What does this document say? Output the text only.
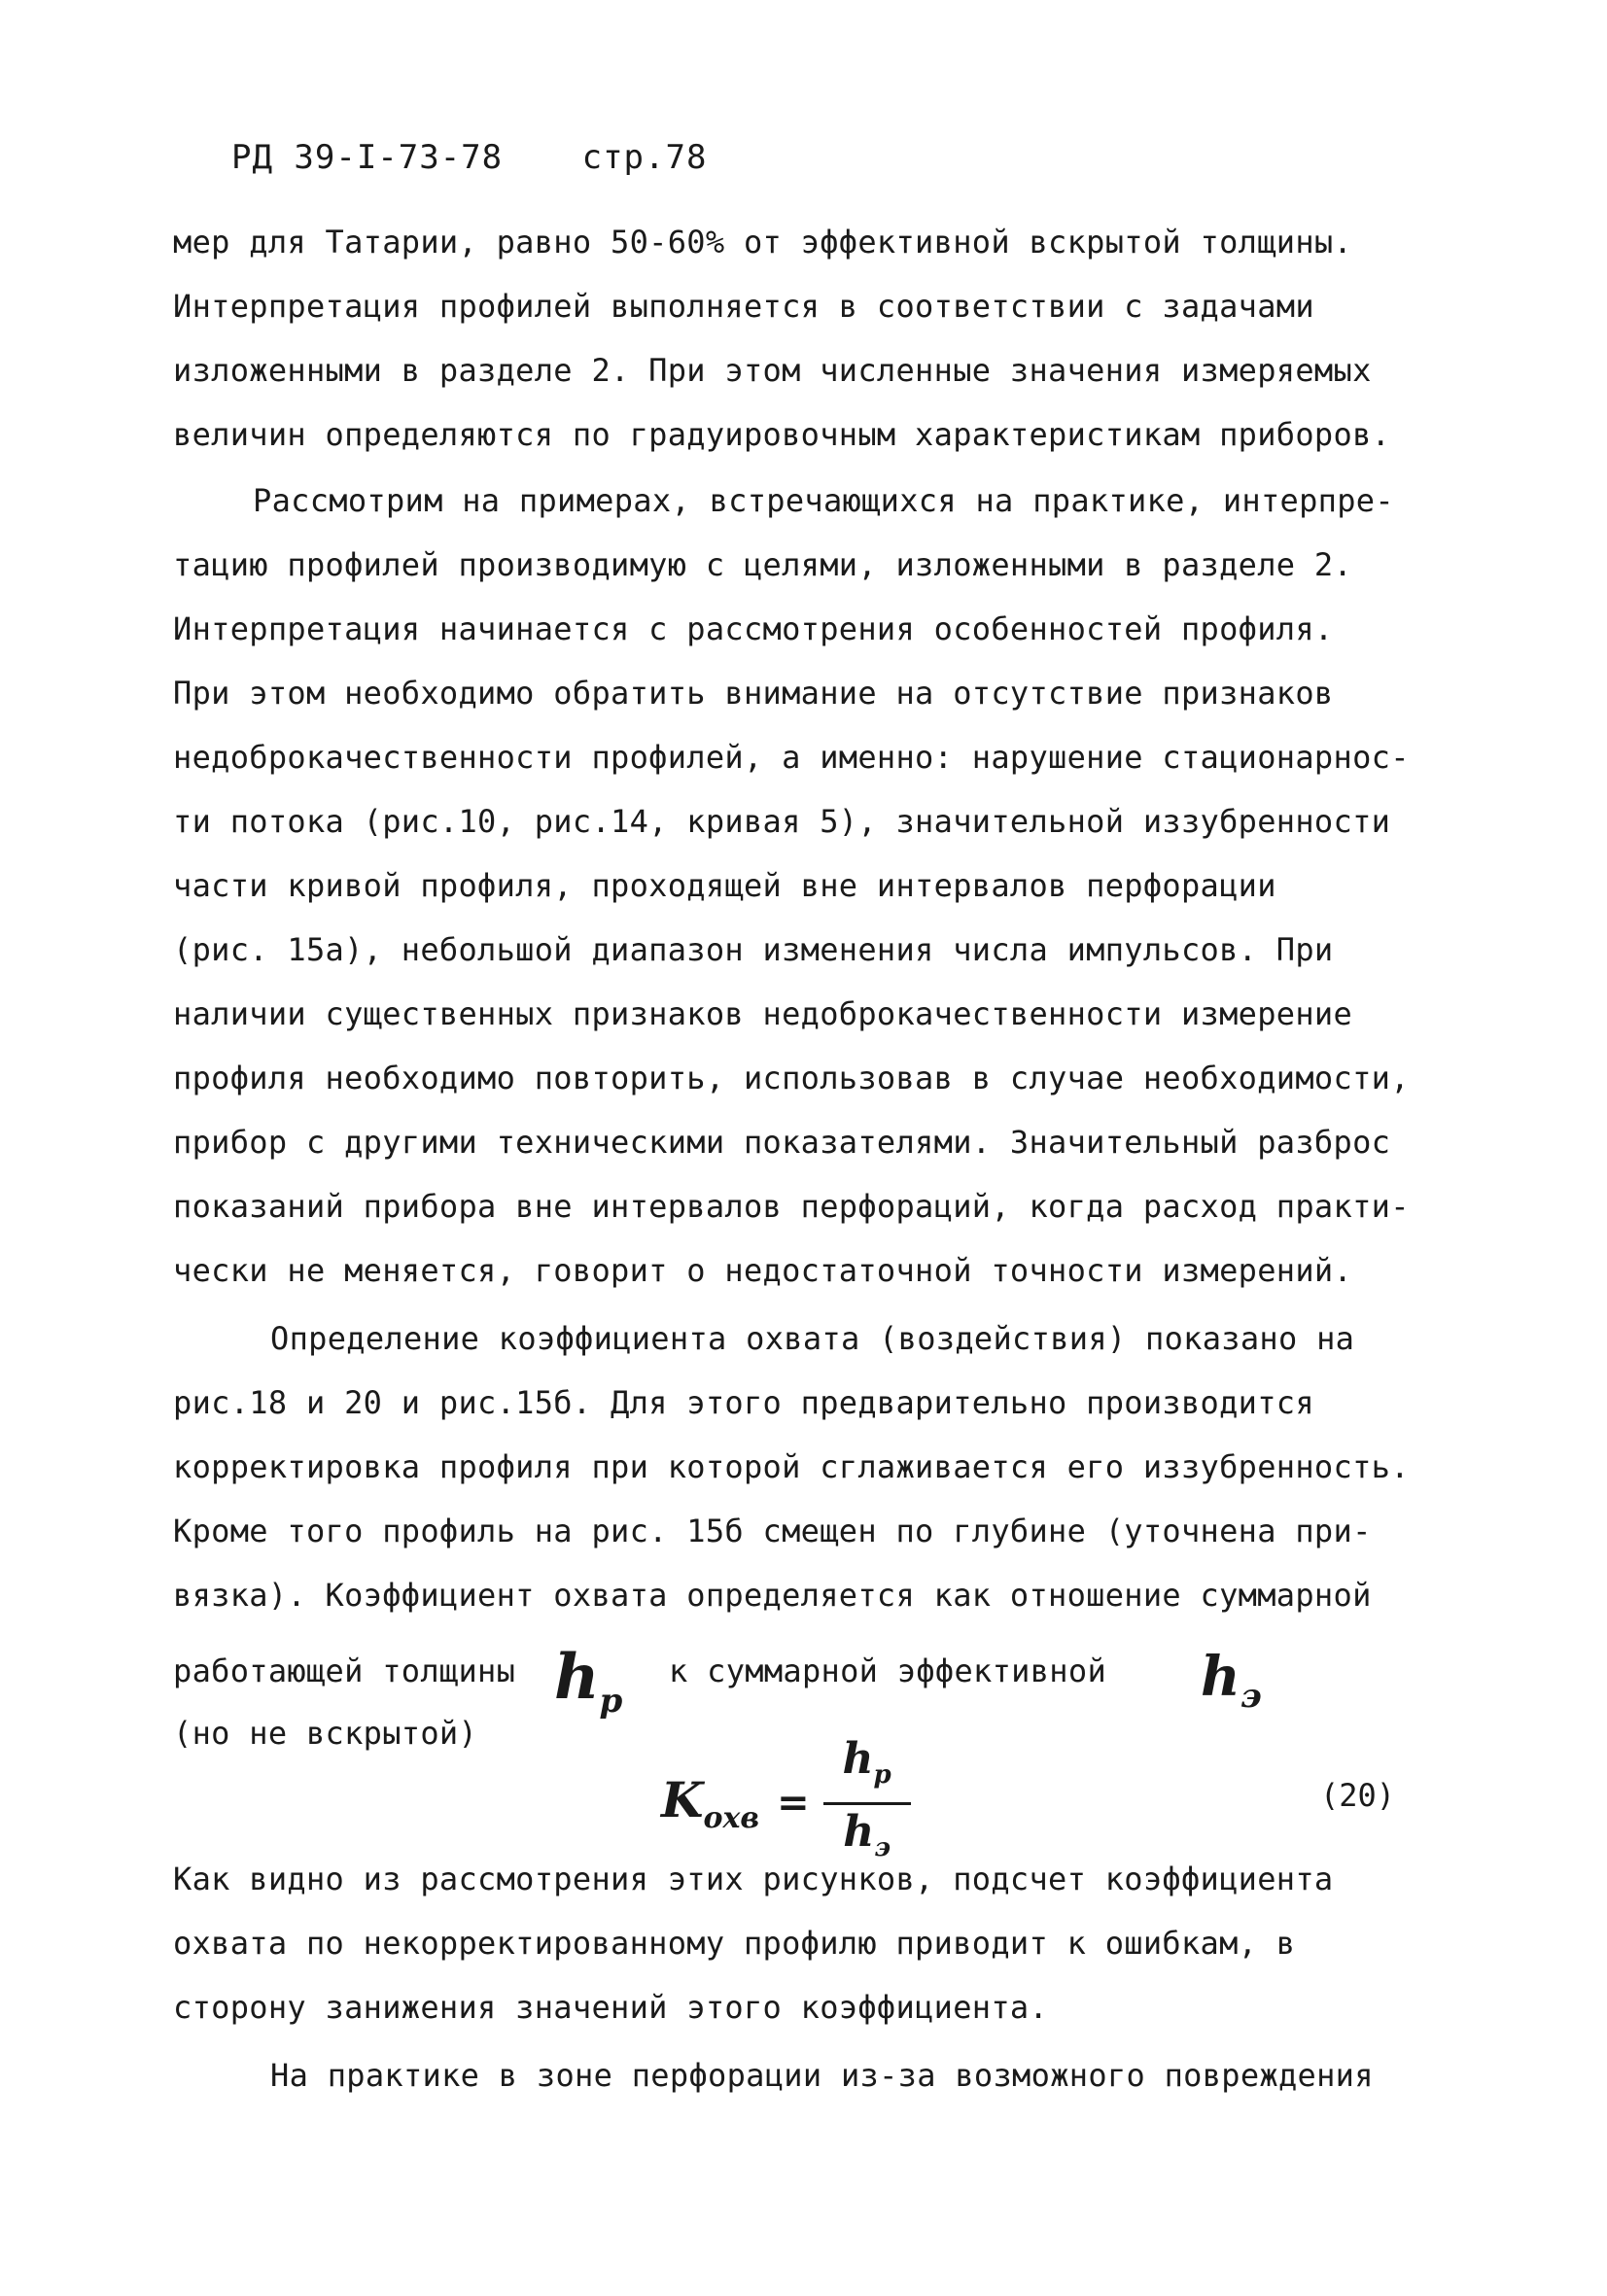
РД 39-I-73-78 стр.78
мер для Татарии, равно 50-60% от эффективной вскрытой толщины.
Интерпретация профилей выполняется в соответствии с задачами
изложенными в разделе 2. При этом численные значения измеряемых
величин определяются по градуировочным характеристикам приборов.
Рассмотрим на примерах, встречающихся на практике, интерпре-
тацию профилей производимую с целями, изложенными в разделе 2.
Интерпретация начинается с рассмотрения особенностей профиля.
При этом необходимо обратить внимание на отсутствие признаков
недоброкачественности профилей, а именно: нарушение стационарнос-
ти потока (рис.10, рис.14, кривая 5), значительной иззубренности
части кривой профиля, проходящей вне интервалов перфорации
(рис. 15а), небольшой диапазон изменения числа импульсов. При
наличии существенных признаков недоброкачественности измерение
профиля необходимо повторить, использовав в случае необходимости,
прибор с другими техническими показателями. Значительный разброс
показаний прибора вне интервалов перфораций, когда расход практи-
чески не меняется, говорит о недостаточной точности измерений.
Определение коэффициента охвата (воздействия) показано на
рис.18 и 20 и рис.15б. Для этого предварительно производится
корректировка профиля при которой сглаживается его иззубренность.
Кроме того профиль на рис. 15б смещен по глубине (уточнена при-
вязка). Коэффициент охвата определяется как отношение суммарной
работающей толщины $h_р$
к суммарной эффективной $h_э$
(но не вскрытой)
$K_{охв} = \frac{h_р}{h_э}$	(20)
Как видно из рассмотрения этих рисунков, подсчет коэффициента
охвата по некорректированному профилю приводит к ошибкам, в
сторону занижения значений этого коэффициента.
На практике в зоне перфорации из-за возможного повреждения
